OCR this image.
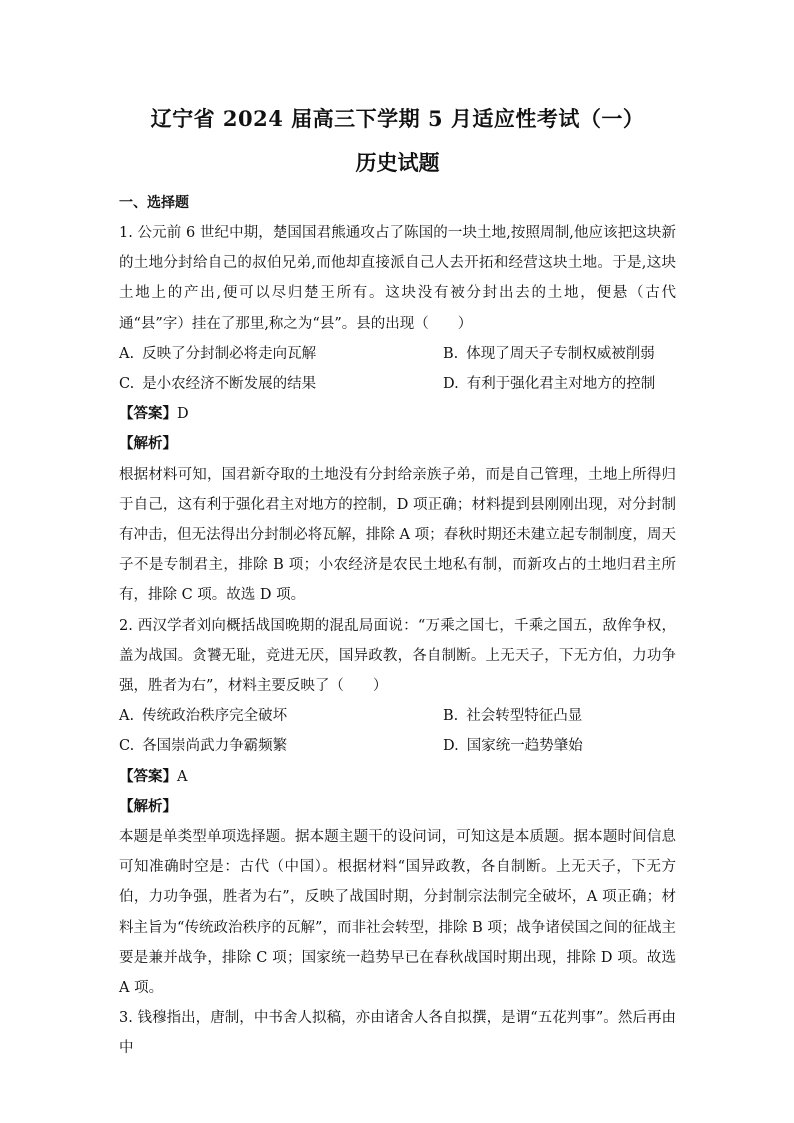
辽宁省 2024 届高三下学期 5 月适应性考试（一）
历史试题
一、选择题

1. 公元前 6 世纪中期，楚国国君熊通攻占了陈国的一块土地,按照周制,他应该把这块新的土地分封给自己的叔伯兄弟,而他却直接派自己人去开拓和经营这块土地。于是,这块土地上的产出,便可以尽归楚王所有。这块没有被分封出去的土地，便悬（古代通“县”字）挂在了那里,称之为“县”。县的出现（　　）

A. 反映了分封制必将走向瓦解	B. 体现了周天子专制权威被削弱
C. 是小农经济不断发展的结果	D. 有利于强化君主对地方的控制

【答案】D

【解析】

根据材料可知，国君新夺取的土地没有分封给亲族子弟，而是自己管理，土地上所得归于自己，这有利于强化君主对地方的控制，D 项正确；材料提到县刚刚出现，对分封制有冲击，但无法得出分封制必将瓦解，排除 A 项；春秋时期还未建立起专制制度，周天子不是专制君主，排除 B 项；小农经济是农民土地私有制，而新攻占的土地归君主所有，排除 C 项。故选 D 项。

2. 西汉学者刘向概括战国晚期的混乱局面说：“万乘之国七，千乘之国五，敌侔争权，盖为战国。贪饕无耻，竞进无厌，国异政教，各自制断。上无天子，下无方伯，力功争强，胜者为右”，材料主要反映了（　　）

A. 传统政治秩序完全破坏	B. 社会转型特征凸显
C. 各国崇尚武力争霸频繁	D. 国家统一趋势肇始

【答案】A

【解析】

本题是单类型单项选择题。据本题主题干的设问词，可知这是本质题。据本题时间信息可知准确时空是：古代（中国）。根据材料“国异政教，各自制断。上无天子，下无方伯，力功争强，胜者为右”，反映了战国时期，分封制宗法制完全破坏，A 项正确；材料主旨为“传统政治秩序的瓦解”，而非社会转型，排除 B 项；战争诸侯国之间的征战主要是兼并战争，排除 C 项；国家统一趋势早已在春秋战国时期出现，排除 D 项。故选 A 项。

3. 钱穆指出，唐制，中书舍人拟稿，亦由诸舍人各自拟撰，是谓“五花判事”。然后再由中
